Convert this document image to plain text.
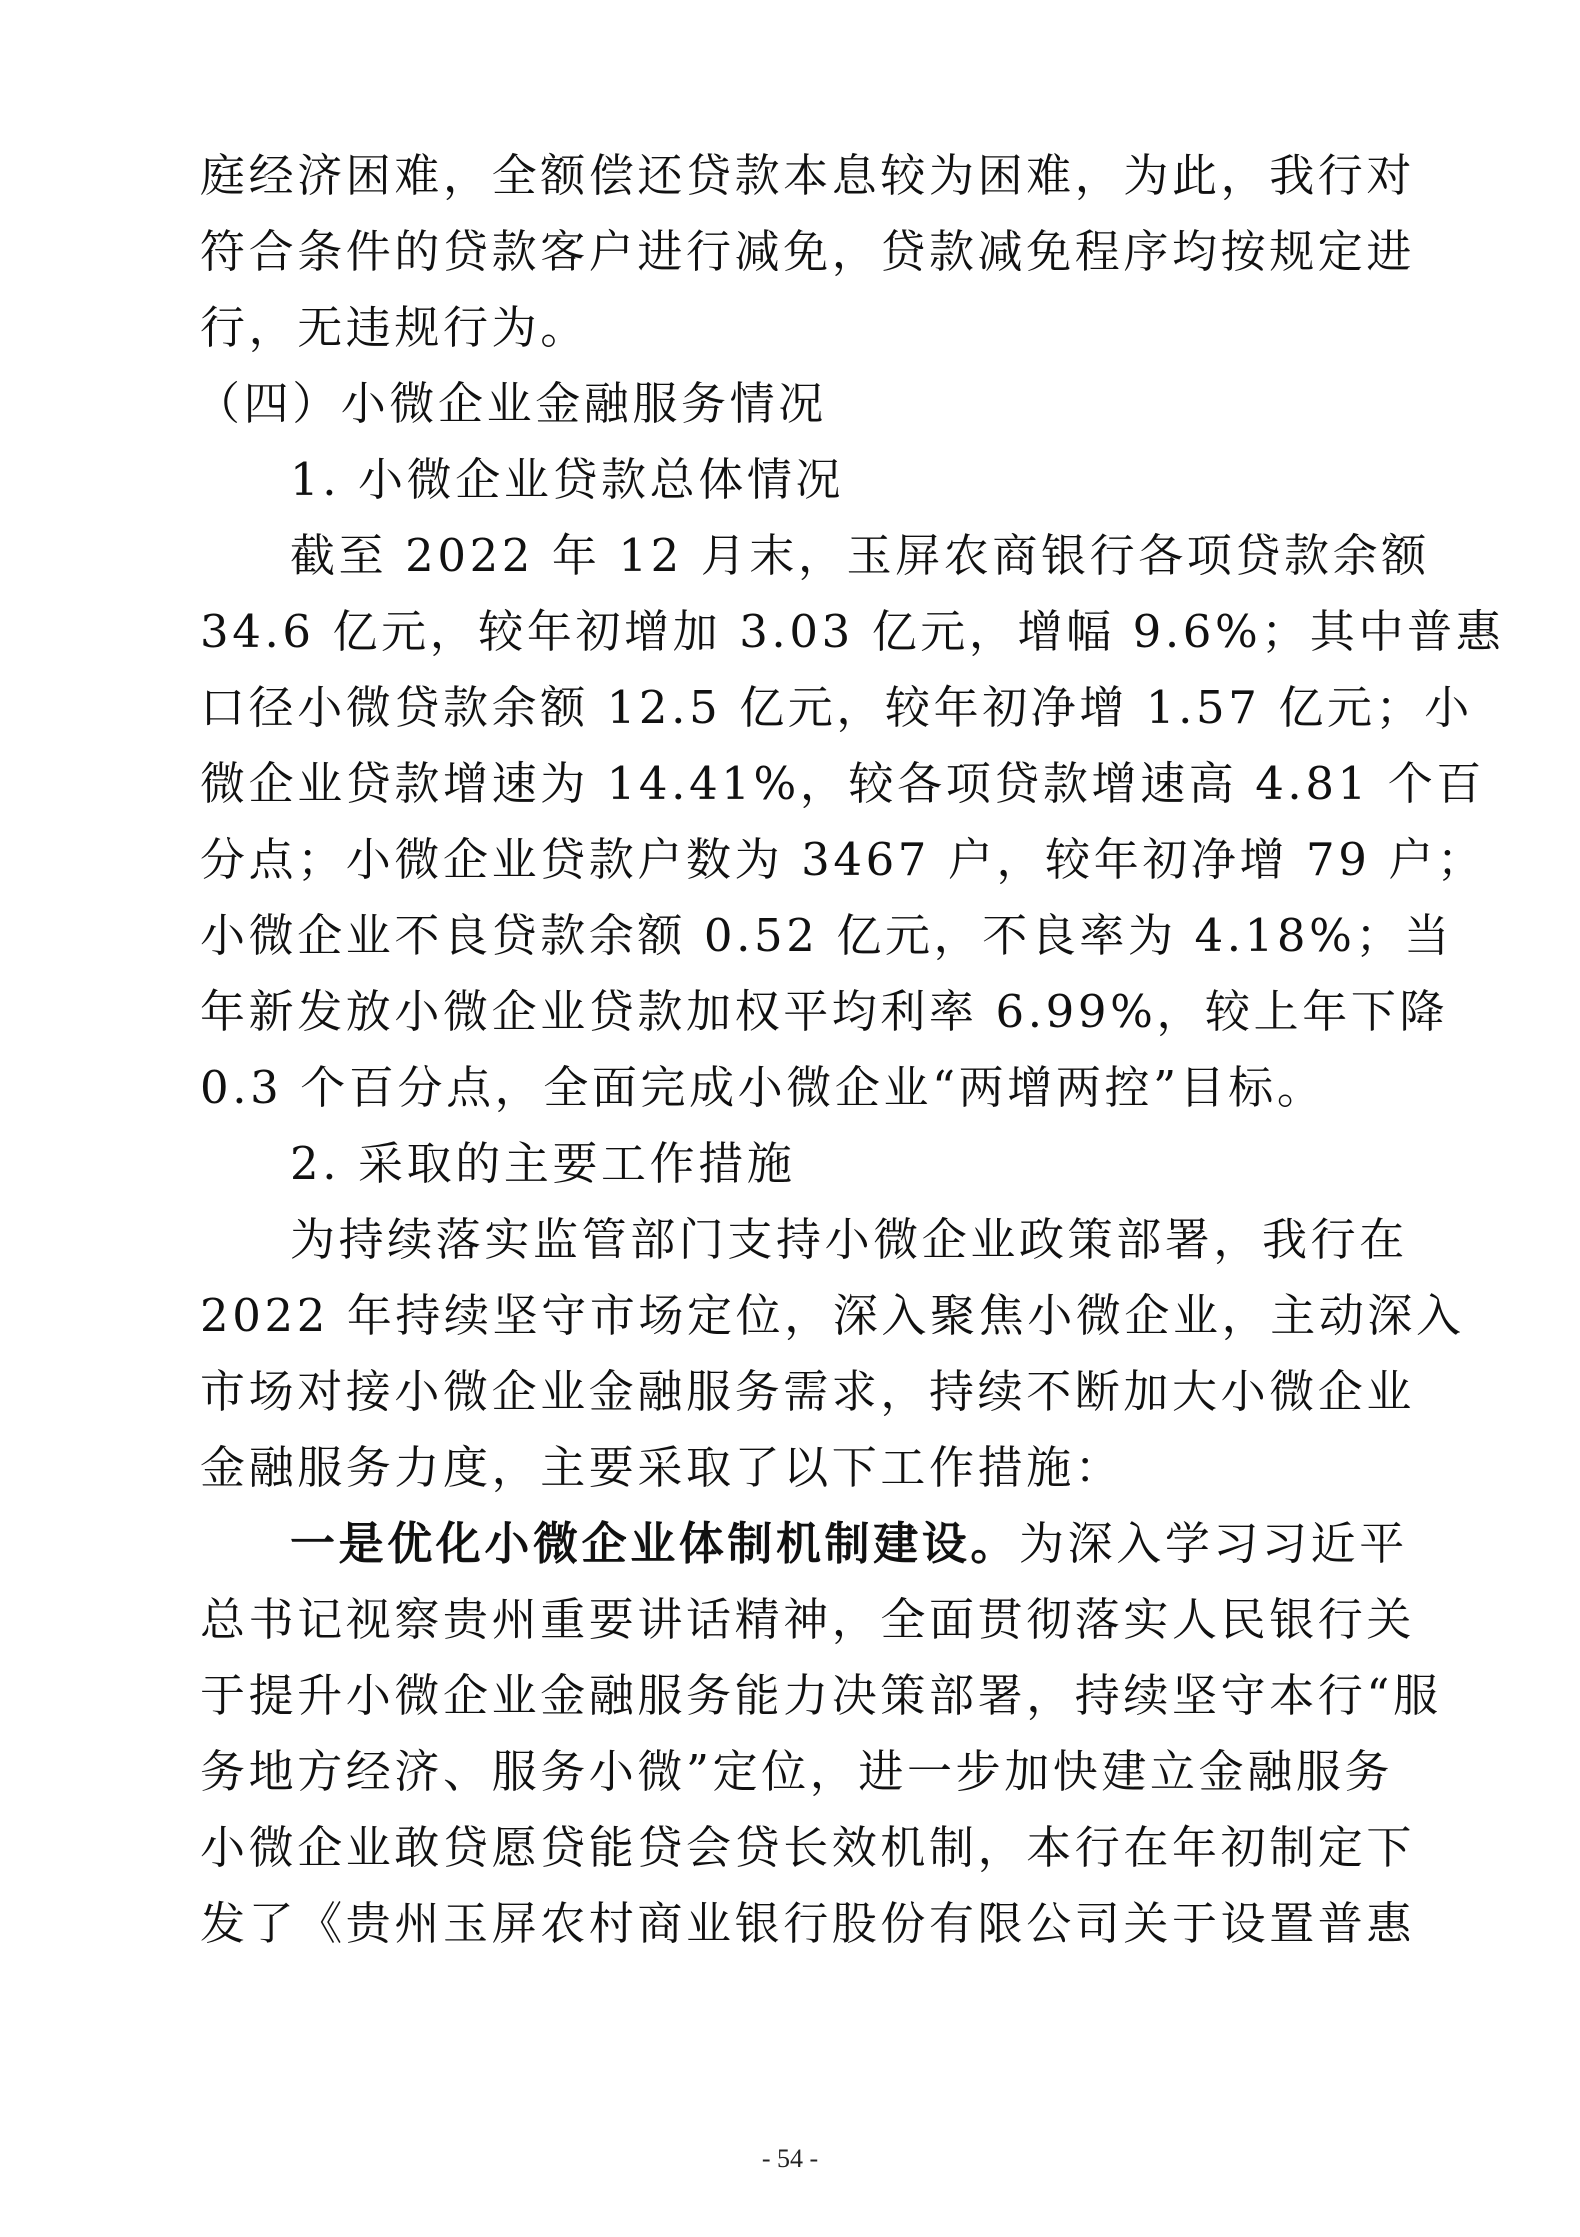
庭经济困难，全额偿还贷款本息较为困难，为此，我行对
符合条件的贷款客户进行减免，贷款减免程序均按规定进
行，无违规行为。
（四）小微企业金融服务情况
1. 小微企业贷款总体情况
截至 2022 年 12 月末，玉屏农商银行各项贷款余额
34.6 亿元，较年初增加 3.03 亿元，增幅 9.6%；其中普惠
口径小微贷款余额 12.5 亿元，较年初净增 1.57 亿元；小
微企业贷款增速为 14.41%，较各项贷款增速高 4.81 个百
分点；小微企业贷款户数为 3467 户，较年初净增 79 户；
小微企业不良贷款余额 0.52 亿元，不良率为 4.18%；当
年新发放小微企业贷款加权平均利率 6.99%，较上年下降
0.3 个百分点，全面完成小微企业“两增两控”目标。
2. 采取的主要工作措施
为持续落实监管部门支持小微企业政策部署，我行在
2022 年持续坚守市场定位，深入聚焦小微企业，主动深入
市场对接小微企业金融服务需求，持续不断加大小微企业
金融服务力度，主要采取了以下工作措施：
一是优化小微企业体制机制建设。 为深入学习习近平
总书记视察贵州重要讲话精神，全面贯彻落实人民银行关
于提升小微企业金融服务能力决策部署，持续坚守本行“服
务地方经济、服务小微”定位，进一步加快建立金融服务
小微企业敢贷愿贷能贷会贷长效机制，本行在年初制定下
发了《贵州玉屏农村商业银行股份有限公司关于设置普惠
- 54 -
